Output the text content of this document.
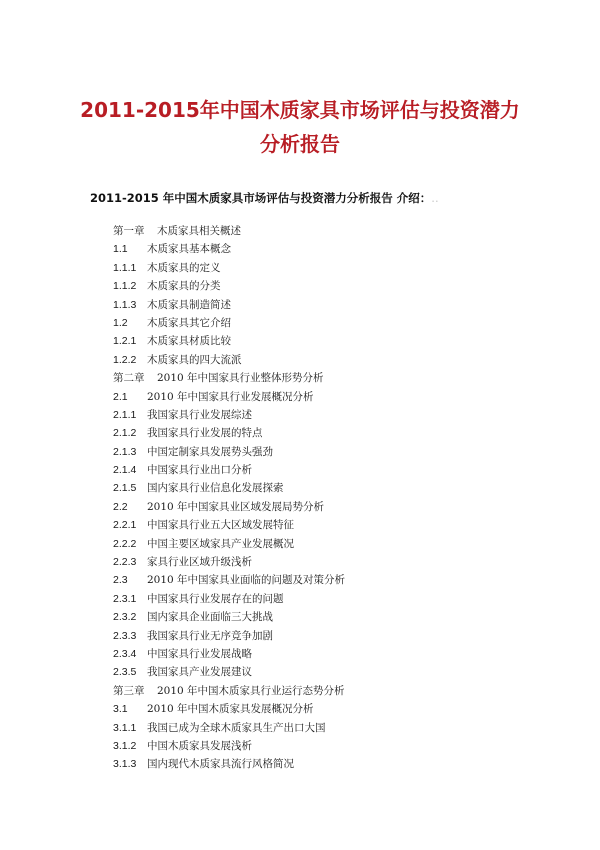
2011-2015年中国木质家具市场评估与投资潜力
分析报告
2011-2015 年中国木质家具市场评估与投资潜力分析报告 介绍：..
第一章 木质家具相关概述
1.1 木质家具基本概念
1.1.1 木质家具的定义
1.1.2 木质家具的分类
1.1.3 木质家具制造简述
1.2 木质家具其它介绍
1.2.1 木质家具材质比较
1.2.2 木质家具的四大流派
第二章 2010 年中国家具行业整体形势分析
2.1 2010 年中国家具行业发展概况分析
2.1.1 我国家具行业发展综述
2.1.2 我国家具行业发展的特点
2.1.3 中国定制家具发展势头强劲
2.1.4 中国家具行业出口分析
2.1.5 国内家具行业信息化发展探索
2.2 2010 年中国家具业区域发展局势分析
2.2.1 中国家具行业五大区域发展特征
2.2.2 中国主要区域家具产业发展概况
2.2.3 家具行业区域升级浅析
2.3 2010 年中国家具业面临的问题及对策分析
2.3.1 中国家具行业发展存在的问题
2.3.2 国内家具企业面临三大挑战
2.3.3 我国家具行业无序竞争加剧
2.3.4 中国家具行业发展战略
2.3.5 我国家具产业发展建议
第三章 2010 年中国木质家具行业运行态势分析
3.1 2010 年中国木质家具发展概况分析
3.1.1 我国已成为全球木质家具生产出口大国
3.1.2 中国木质家具发展浅析
3.1.3 国内现代木质家具流行风格简况
